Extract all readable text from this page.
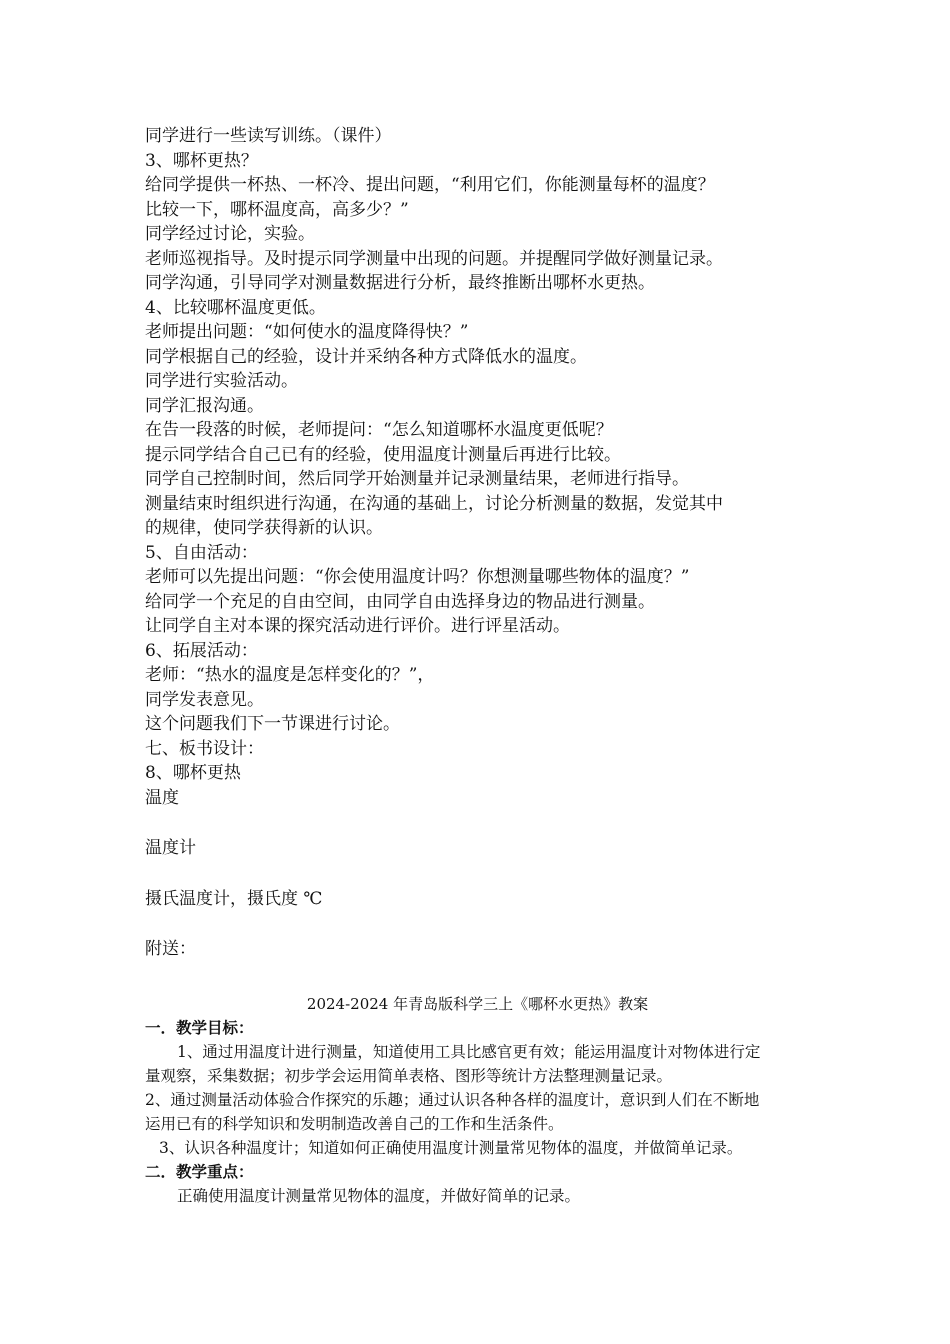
同学进行一些读写训练。（课件）

3、哪杯更热？

给同学提供一杯热、一杯冷、提出问题，“利用它们，你能测量每杯的温度？

比较一下，哪杯温度高，高多少？”

同学经过讨论，实验。

老师巡视指导。及时提示同学测量中出现的问题。并提醒同学做好测量记录。

同学沟通，引导同学对测量数据进行分析，最终推断出哪杯水更热。

4、比较哪杯温度更低。

老师提出问题：“如何使水的温度降得快？”

同学根据自己的经验，设计并采纳各种方式降低水的温度。

同学进行实验活动。

同学汇报沟通。

在告一段落的时候，老师提问：“怎么知道哪杯水温度更低呢？

提示同学结合自己已有的经验，使用温度计测量后再进行比较。

同学自己控制时间，然后同学开始测量并记录测量结果，老师进行指导。

测量结束时组织进行沟通，在沟通的基础上，讨论分析测量的数据，发觉其中

的规律，使同学获得新的认识。

5、自由活动：

老师可以先提出问题：“你会使用温度计吗？你想测量哪些物体的温度？”

给同学一个充足的自由空间，由同学自由选择身边的物品进行测量。

让同学自主对本课的探究活动进行评价。进行评星活动。

6、拓展活动：

老师：“热水的温度是怎样变化的？”，

同学发表意见。

这个问题我们下一节课进行讨论。

七、板书设计：

8、哪杯更热

温度

温度计

摄氏温度计，摄氏度 ℃

附送：

2024-2024 年青岛版科学三上《哪杯水更热》教案

一．教学目标：

1、通过用温度计进行测量，知道使用工具比感官更有效；能运用温度计对物体进行定

量观察，采集数据；初步学会运用简单表格、图形等统计方法整理测量记录。

2、通过测量活动体验合作探究的乐趣；通过认识各种各样的温度计，意识到人们在不断地

运用已有的科学知识和发明制造改善自己的工作和生活条件。

3、认识各种温度计；知道如何正确使用温度计测量常见物体的温度，并做简单记录。

二．教学重点：

正确使用温度计测量常见物体的温度，并做好简单的记录。
